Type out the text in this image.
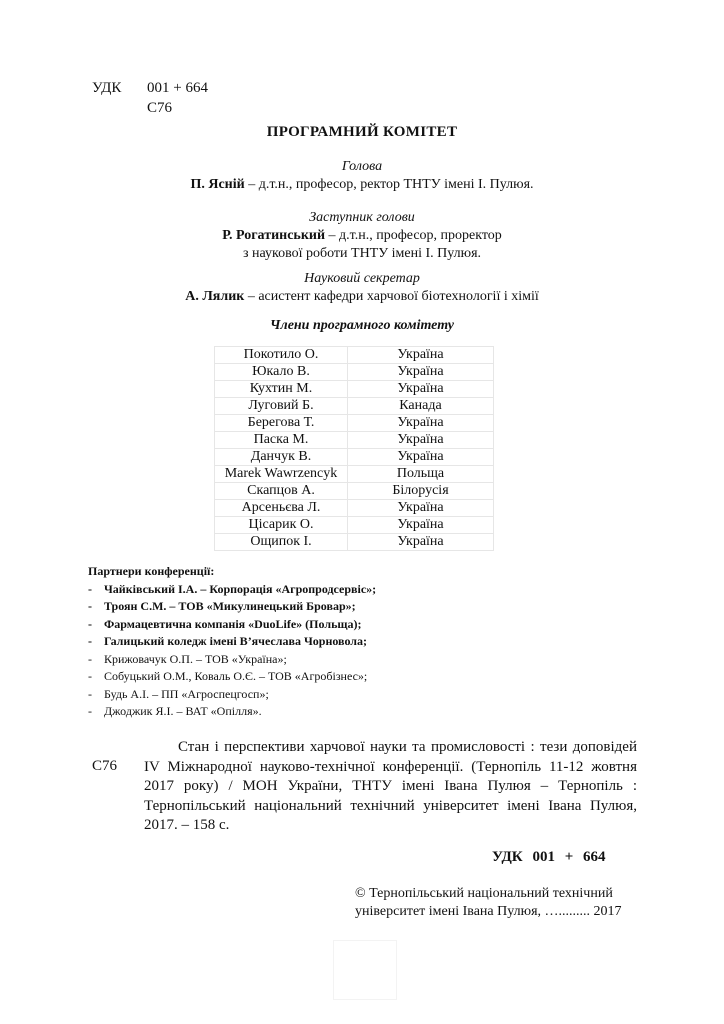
УДК	001 + 664
С76
ПРОГРАМНИЙ КОМІТЕТ
Голова
П. Ясній – д.т.н., професор, ректор ТНТУ імені І. Пулюя.
Заступник голови
Р. Рогатинський – д.т.н., професор, проректор
з наукової роботи ТНТУ імені І. Пулюя.
Науковий секретар
А. Лялик – асистент кафедри харчової біотехнології і хімії
Члени програмного комітету
Покотило О.	Україна
Юкало В.	Україна
Кухтин М.	Україна
Луговий Б.	Канада
Берегова Т.	Україна
Паска М.	Україна
Данчук В.	Україна
Marek Wawrzencyk	Польща
Скапцов А.	Білорусія
Арсеньєва Л.	Україна
Цісарик О.	Україна
Ощипок І.	Україна
Партнери конференції:
-	Чайківський І.А. – Корпорація «Агропродсервіс»;
-	Троян С.М. – ТОВ «Микулинецький Бровар»;
-	Фармацевтична компанія «DuoLife» (Польща);
-	Галицький коледж імені В’ячеслава Чорновола;
-	Крижовачук О.П. – ТОВ «Україна»;
-	Собуцький О.М., Коваль О.Є. – ТОВ «Агробізнес»;
-	Будь А.І. – ПП «Агроспецгосп»;
-	Джоджик Я.І. – ВАТ «Опілля».
С76
Стан і перспективи харчової науки та промисловості : тези доповідей IV Міжнародної науково-технічної конференції. (Тернопіль 11-12 жовтня 2017 року) / МОН України, ТНТУ імені Івана Пулюя – Тернопіль : Тернопільський національний технічний університет імені Івана Пулюя, 2017. – 158 с.
УДК 001 + 664
© Тернопільський національний технічний
університет імені Івана Пулюя, …......... 2017
